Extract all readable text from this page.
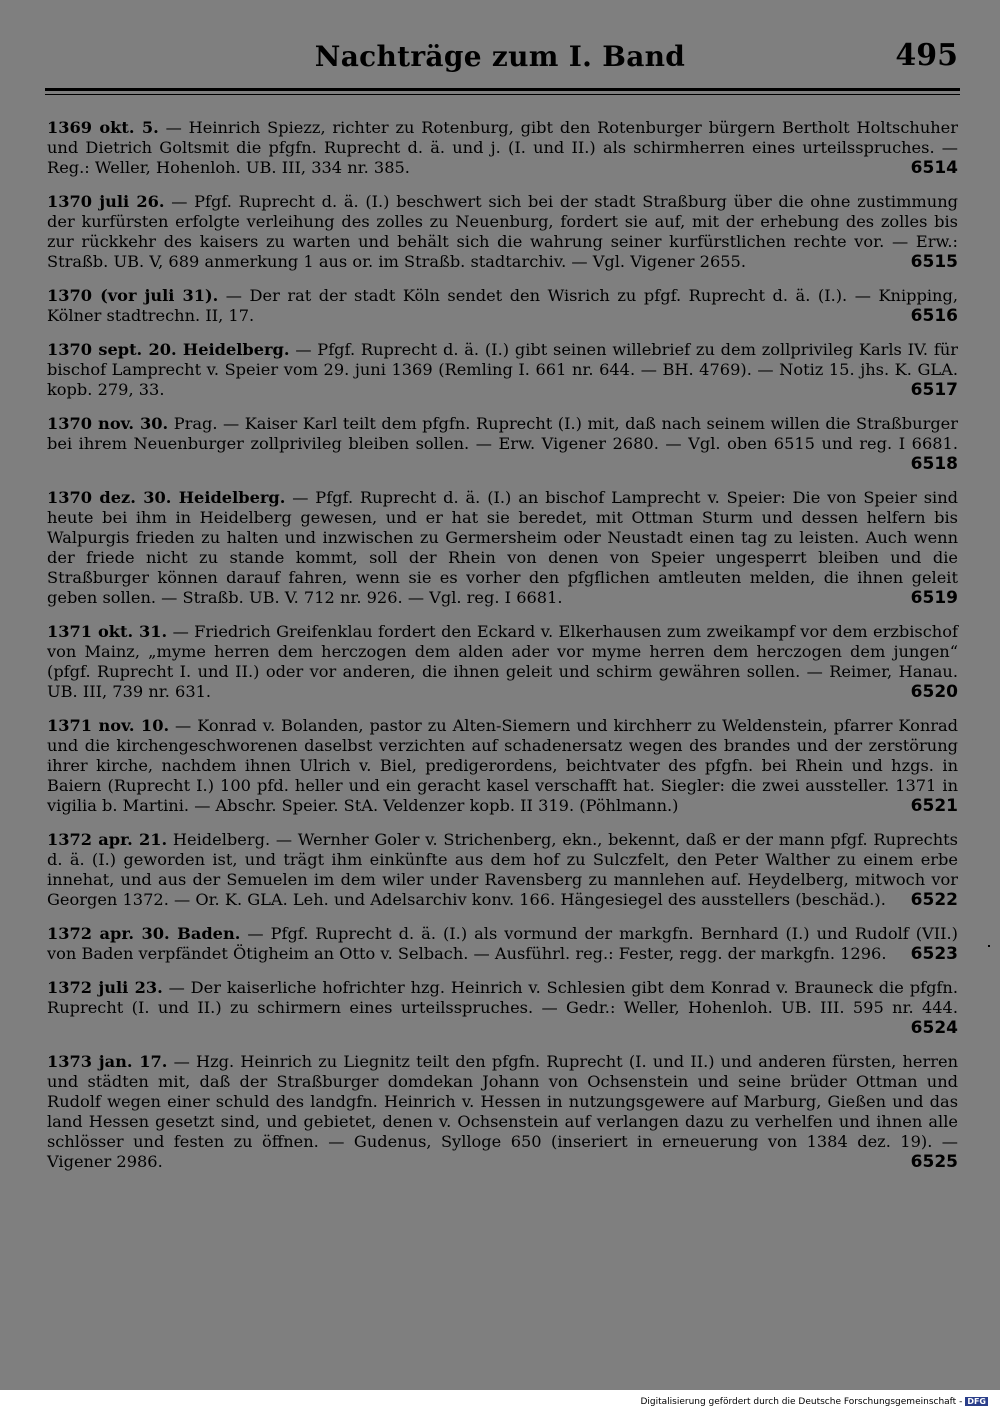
Nachträge zum I. Band	495
1369 okt. 5. — Heinrich Spiezz, richter zu Rotenburg, gibt den Rotenburger bürgern Bertholt Holtschuher und Dietrich Goltsmit die pfgfn. Ruprecht d. ä. und j. (I. und II.) als schirmherren eines urteilsspruches. — Reg.: Weller, Hohenloh. UB. III, 334 nr. 385.	6514
1370 juli 26. — Pfgf. Ruprecht d. ä. (I.) beschwert sich bei der stadt Straßburg über die ohne zustimmung der kurfürsten erfolgte verleihung des zolles zu Neuenburg, fordert sie auf, mit der erhebung des zolles bis zur rückkehr des kaisers zu warten und behält sich die wahrung seiner kurfürstlichen rechte vor. — Erw.: Straßb. UB. V, 689 anmerkung 1 aus or. im Straßb. stadtarchiv. — Vgl. Vigener 2655.	6515
1370 (vor juli 31). — Der rat der stadt Köln sendet den Wisrich zu pfgf. Ruprecht d. ä. (I.). — Knipping, Kölner stadtrechn. II, 17.	6516
1370 sept. 20. Heidelberg. — Pfgf. Ruprecht d. ä. (I.) gibt seinen willebrief zu dem zollprivileg Karls IV. für bischof Lamprecht v. Speier vom 29. juni 1369 (Remling I. 661 nr. 644. — BH. 4769). — Notiz 15. jhs. K. GLA. kopb. 279, 33.	6517
1370 nov. 30. Prag. — Kaiser Karl teilt dem pfgfn. Ruprecht (I.) mit, daß nach seinem willen die Straßburger bei ihrem Neuenburger zollprivileg bleiben sollen. — Erw. Vigener 2680. — Vgl. oben 6515 und reg. I 6681.
6518
1370 dez. 30. Heidelberg. — Pfgf. Ruprecht d. ä. (I.) an bischof Lamprecht v. Speier: Die von Speier sind heute bei ihm in Heidelberg gewesen, und er hat sie beredet, mit Ottman Sturm und dessen helfern bis Walpurgis frieden zu halten und inzwischen zu Germersheim oder Neustadt einen tag zu leisten. Auch wenn der friede nicht zu stande kommt, soll der Rhein von denen von Speier ungesperrt bleiben und die Straßburger können darauf fahren, wenn sie es vorher den pfgflichen amtleuten melden, die ihnen geleit geben sollen. — Straßb. UB. V. 712 nr. 926. — Vgl. reg. I 6681.	6519
1371 okt. 31. — Friedrich Greifenklau fordert den Eckard v. Elkerhausen zum zweikampf vor dem erzbischof von Mainz, „myme herren dem herczogen dem alden ader vor myme herren dem herczogen dem jungen“ (pfgf. Ruprecht I. und II.) oder vor anderen, die ihnen geleit und schirm gewähren sollen. — Reimer, Hanau. UB. III, 739 nr. 631.	6520
1371 nov. 10. — Konrad v. Bolanden, pastor zu Alten-Siemern und kirchherr zu Weldenstein, pfarrer Konrad und die kirchengeschworenen daselbst verzichten auf schadenersatz wegen des brandes und der zerstörung ihrer kirche, nachdem ihnen Ulrich v. Biel, predigerordens, beichtvater des pfgfn. bei Rhein und hzgs. in Baiern (Ruprecht I.) 100 pfd. heller und ein geracht kasel verschafft hat. Siegler: die zwei aussteller. 1371 in vigilia b. Martini. — Abschr. Speier. StA. Veldenzer kopb. II 319. (Pöhlmann.)	6521
1372 apr. 21. Heidelberg. — Wernher Goler v. Strichenberg, ekn., bekennt, daß er der mann pfgf. Ruprechts d. ä. (I.) geworden ist, und trägt ihm einkünfte aus dem hof zu Sulczfelt, den Peter Walther zu einem erbe innehat, und aus der Semuelen im dem wiler under Ravensberg zu mannlehen auf. Heydelberg, mitwoch vor Georgen 1372. — Or. K. GLA. Leh. und Adelsarchiv konv. 166. Hängesiegel des ausstellers (beschäd.).	6522
1372 apr. 30. Baden. — Pfgf. Ruprecht d. ä. (I.) als vormund der markgfn. Bernhard (I.) und Rudolf (VII.) von Baden verpfändet Ötigheim an Otto v. Selbach. — Ausführl. reg.: Fester, regg. der markgfn. 1296.	6523
1372 juli 23. — Der kaiserliche hofrichter hzg. Heinrich v. Schlesien gibt dem Konrad v. Brauneck die pfgfn. Ruprecht (I. und II.) zu schirmern eines urteilsspruches. — Gedr.: Weller, Hohenloh. UB. III. 595 nr. 444.
6524
1373 jan. 17. — Hzg. Heinrich zu Liegnitz teilt den pfgfn. Ruprecht (I. und II.) und anderen fürsten, herren und städten mit, daß der Straßburger domdekan Johann von Ochsenstein und seine brüder Ottman und Rudolf wegen einer schuld des landgfn. Heinrich v. Hessen in nutzungsgewere auf Marburg, Gießen und das land Hessen gesetzt sind, und gebietet, denen v. Ochsenstein auf verlangen dazu zu verhelfen und ihnen alle schlösser und festen zu öffnen. — Gudenus, Sylloge 650 (inseriert in erneuerung von 1384 dez. 19). — Vigener 2986.	6525
Digitalisierung gefördert durch die Deutsche Forschungsgemeinschaft - DFG
